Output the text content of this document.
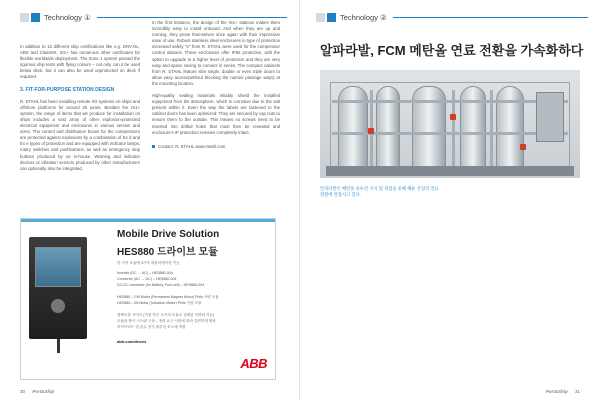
Technology ①

In addition to 12 different ship certifications like e.g. DNV-GL, ABS and ClassNK, IS1+ has numerous other certificates for flexible worldwide deployment. The Zone 1 system passed the rigorous ship tests with flying colours – not only can it be used below deck, but it can also be used unprotected on deck if required.

3. FIT-FOR-PURPOSE STATION DESIGN

R. STAHL has been installing remote I/O systems on ships and offshore platforms for around 30 years. Besides the IS1+ system, the range of items that we produce for installation on ships includes a vast array of other explosion-protected electrical equipment and enclosures in various version and sizes. The control and distribution boxes for the compressors are protected against explosions by a combination of Ex d and Ex e types of protection and are equipped with indicator lamps, rotary switches and pushbuttons, as well as emergency stop buttons produced by us in-house. Warning and indicator devices or vibration sensors produced by other manufacturers can optionally also be integrated.

In the first instance, the design of the IS1+ stations makes them incredibly easy to install onboard. And when they are up and running, they prove themselves once again with their impressive ease of use. Robust stainless steel enclosures in type of protection increased safety "e" from R. STAHL were used for the compressor control stations. These enclosures offer IP66 protection, with the option to upgrade to a higher level of protection and they are very easy and space saving to connect in series. The compact cabinets from R. STAHL feature slim single, double or even triple doors to allow easy access(without blocking the narrow passage ways) at the mounting location.

High-quality sealing materials reliably shield the installed equipment from the atmosphere, which is corrosive due to the salt present within it. Even the way the labels are fastened to the cabinet doors has been optimized: They are secured by cap nuts to ensure them to the outside. This means no screws need to be inserted into drilled holes that must then be resealed and enclosure's IP protection remains completely intact.

Contact: R. STAHL www.rstahl.com
Mobile Drive Solution
HES880 드라이브 모듈
한 가지 모듈에 3가지 애플리케이션 기능
Inverter (DC → AC) – HES880-004
Converter (AC → DC) – HES880-004
DC-DC converter (for Battery, Fuel cell) – HES880-004
HES880 – PM Motor (Permanent Magnet Motor) Phils 사양 모듈
HES880 – IM Motor (Induction Motor) Phils 사양 모듈
컴팩트한 사이즈 (가장 작은 크기의 모듈로 설계된 인버터 기능)
모듈화 방식 시스템 구성 – 전력 요구 사항에 따라 유연하게 확장
하이브리드 및 순수 전기 솔루션 모두에 적합
abb.com/drives
ABB
30 Port&Ship
Technology ②
알파라발, FCM 메탄올 연료 전환을 가속화하다
알파라발은 메탄올 솔루션 지지 및 경험을 통해 해운 산업의 연료 전환에 앞장서고 있다.
Port&Ship 31
